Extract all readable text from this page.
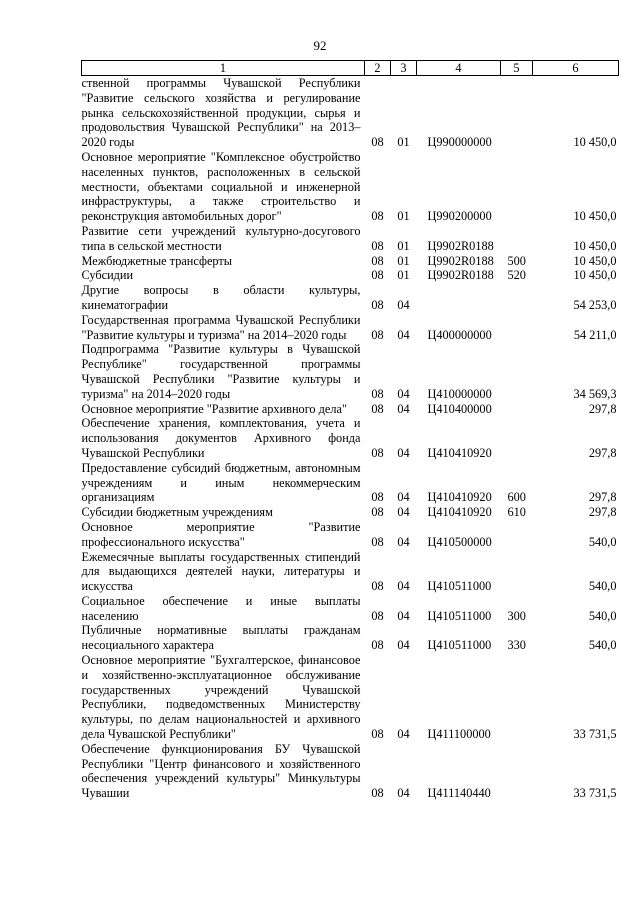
92
1	2	3	4	5	6
ственной программы Чувашской Республики "Развитие сельского хозяйства и регулирование рынка сельскохозяйственной продукции, сырья и продовольствия Чувашской Республики" на 2013–2020 годы	08	01	Ц990000000		10 450,0
Основное мероприятие "Комплексное обустройство населенных пунктов, расположенных в сельской местности, объектами социальной и инженерной инфраструктуры, а также строительство и реконструкция автомобильных дорог"	08	01	Ц990200000		10 450,0
Развитие сети учреждений культурно-досугового типа в сельской местности	08	01	Ц9902R0188		10 450,0
Межбюджетные трансферты	08	01	Ц9902R0188	500	10 450,0
Субсидии	08	01	Ц9902R0188	520	10 450,0
Другие вопросы в области культуры, кинематографии	08	04			54 253,0
Государственная программа Чувашской Республики "Развитие культуры и туризма" на 2014–2020 годы	08	04	Ц400000000		54 211,0
Подпрограмма "Развитие культуры в Чувашской Республике" государственной программы Чувашской Республики "Развитие культуры и туризма" на 2014–2020 годы	08	04	Ц410000000		34 569,3
Основное мероприятие "Развитие архивного дела"	08	04	Ц410400000		297,8
Обеспечение хранения, комплектования, учета и использования документов Архивного фонда Чувашской Республики	08	04	Ц410410920		297,8
Предоставление субсидий бюджетным, автономным учреждениям и иным некоммерческим организациям	08	04	Ц410410920	600	297,8
Субсидии бюджетным учреждениям	08	04	Ц410410920	610	297,8
Основное мероприятие "Развитие профессионального искусства"	08	04	Ц410500000		540,0
Ежемесячные выплаты государственных стипендий для выдающихся деятелей науки, литературы и искусства	08	04	Ц410511000		540,0
Социальное обеспечение и иные выплаты населению	08	04	Ц410511000	300	540,0
Публичные нормативные выплаты гражданам несоциального характера	08	04	Ц410511000	330	540,0
Основное мероприятие "Бухгалтерское, финансовое и хозяйственно-эксплуатационное обслуживание государственных учреждений Чувашской Республики, подведомственных Министерству культуры, по делам национальностей и архивного дела Чувашской Республики"	08	04	Ц411100000		33 731,5
Обеспечение функционирования БУ Чувашской Республики "Центр финансового и хозяйственного обеспечения учреждений культуры" Минкультуры Чувашии	08	04	Ц411140440		33 731,5
